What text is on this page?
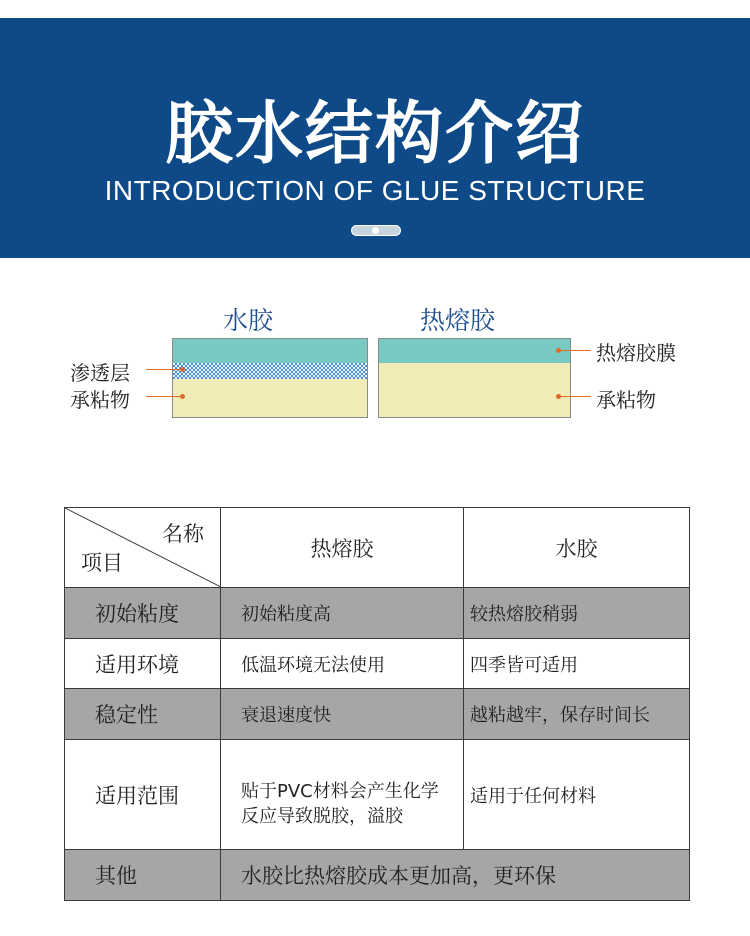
胶水结构介绍
INTRODUCTION OF GLUE STRUCTURE
水胶	热熔胶
渗透层
承粘物
热熔胶膜
承粘物
名称
项目	热熔胶	水胶
初始粘度	初始粘度高	较热熔胶稍弱
适用环境	低温环境无法使用	四季皆可适用
稳定性	衰退速度快	越粘越牢，保存时间长
适用范围	贴于PVC材料会产生化学
反应导致脱胶，溢胶	适用于任何材料
其他	水胶比热熔胶成本更加高，更环保	
